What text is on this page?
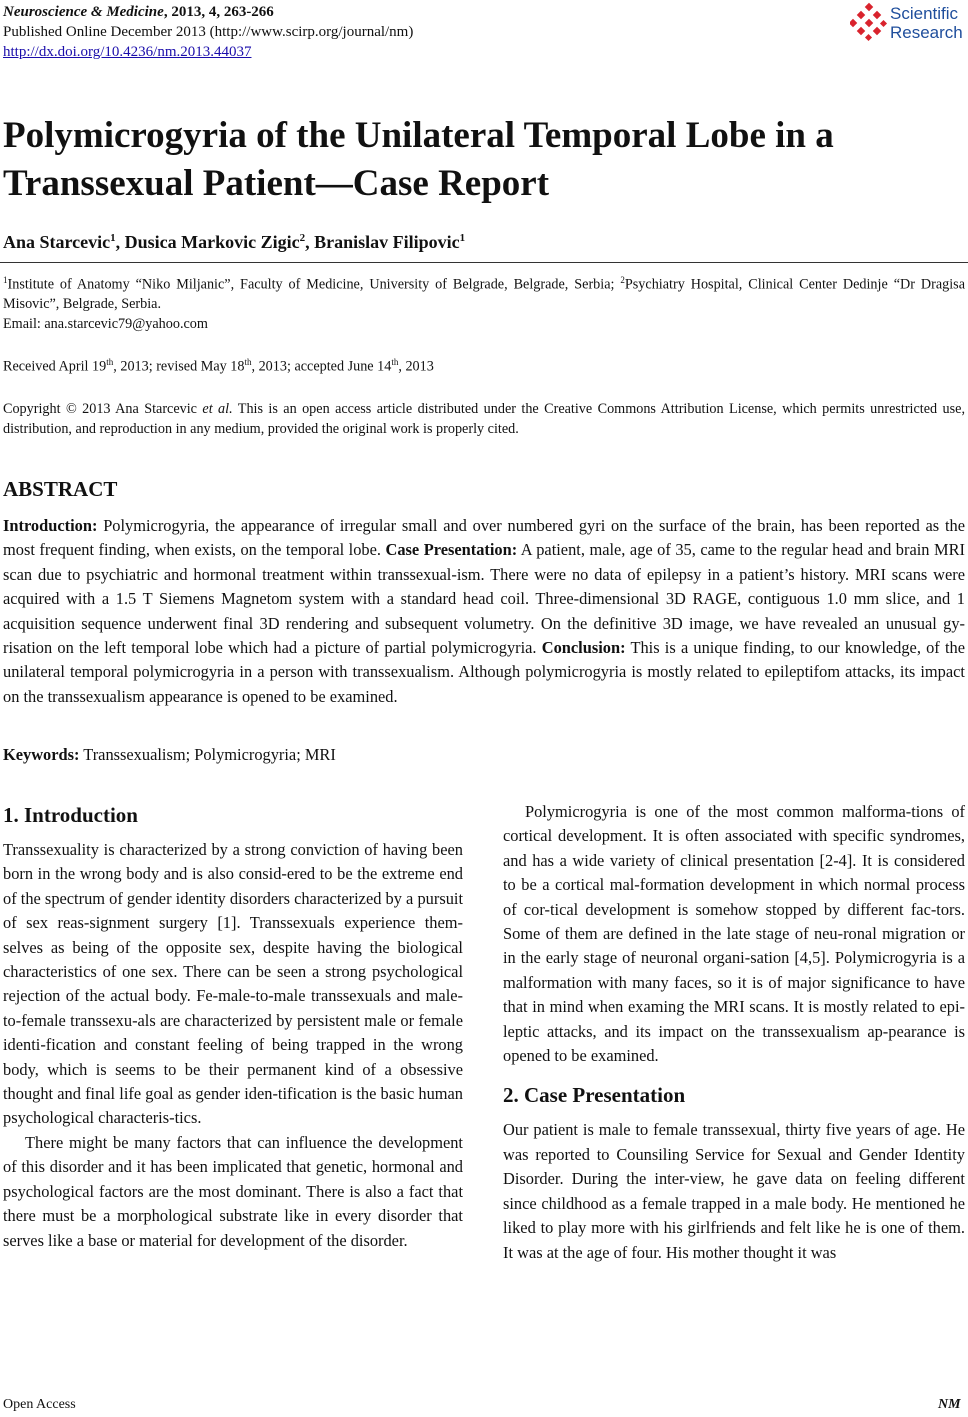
Neuroscience & Medicine, 2013, 4, 263-266
Published Online December 2013 (http://www.scirp.org/journal/nm)
http://dx.doi.org/10.4236/nm.2013.44037
Scientific
Research
Polymicrogyria of the Unilateral Temporal Lobe in a Transsexual Patient—Case Report
Ana Starcevic$^1$, Dusica Markovic Zigic$^2$, Branislav Filipovic$^1$
$^1$Institute of Anatomy “Niko Miljanic”, Faculty of Medicine, University of Belgrade, Belgrade, Serbia; $^2$Psychiatry Hospital, Clinical Center Dedinje “Dr Dragisa Misovic”, Belgrade, Serbia.
Email: ana.starcevic79@yahoo.com
Received April 19th, 2013; revised May 18th, 2013; accepted June 14th, 2013
Copyright © 2013 Ana Starcevic et al. This is an open access article distributed under the Creative Commons Attribution License, which permits unrestricted use, distribution, and reproduction in any medium, provided the original work is properly cited.
ABSTRACT

Introduction: Polymicrogyria, the appearance of irregular small and over numbered gyri on the surface of the brain, has been reported as the most frequent finding, when exists, on the temporal lobe. Case Presentation: A patient, male, age of 35, came to the regular head and brain MRI scan due to psychiatric and hormonal treatment within transsexual-ism. There were no data of epilepsy in a patient’s history. MRI scans were acquired with a 1.5 T Siemens Magnetom system with a standard head coil. Three-dimensional 3D RAGE, contiguous 1.0 mm slice, and 1 acquisition sequence underwent final 3D rendering and subsequent volumetry. On the definitive 3D image, we have revealed an unusual gy-risation on the left temporal lobe which had a picture of partial polymicrogyria. Conclusion: This is a unique finding, to our knowledge, of the unilateral temporal polymicrogyria in a person with transsexualism. Although polymicrogyria is mostly related to epileptifom attacks, its impact on the transsexualism appearance is opened to be examined.

Keywords: Transsexualism; Polymicrogyria; MRI
1. Introduction

Transsexuality is characterized by a strong conviction of having been born in the wrong body and is also consid-ered to be the extreme end of the spectrum of gender identity disorders characterized by a pursuit of sex reas-signment surgery [1]. Transsexuals experience them-selves as being of the opposite sex, despite having the biological characteristics of one sex. There can be seen a strong psychological rejection of the actual body. Fe-male-to-male transsexuals and male-to-female transsexu-als are characterized by persistent male or female identi-fication and constant feeling of being trapped in the wrong body, which is seems to be their permanent kind of a obsessive thought and final life goal as gender iden-tification is the basic human psychological characteris-tics.

There might be many factors that can influence the development of this disorder and it has been implicated that genetic, hormonal and psychological factors are the most dominant. There is also a fact that there must be a morphological substrate like in every disorder that serves like a base or material for development of the disorder.

Polymicrogyria is one of the most common malforma-tions of cortical development. It is often associated with specific syndromes, and has a wide variety of clinical presentation [2-4]. It is considered to be a cortical mal-formation development in which normal process of cor-tical development is somehow stopped by different fac-tors. Some of them are defined in the late stage of neu-ronal migration or in the early stage of neuronal organi-sation [4,5]. Polymicrogyria is a malformation with many faces, so it is of major significance to have that in mind when examing the MRI scans. It is mostly related to epi-leptic attacks, and its impact on the transsexualism ap-pearance is opened to be examined.

2. Case Presentation

Our patient is male to female transsexual, thirty five years of age. He was reported to Counsiling Service for Sexual and Gender Identity Disorder. During the inter-view, he gave data on feeling different since childhood as a female trapped in a male body. He mentioned he liked to play more with his girlfriends and felt like he is one of them. It was at the age of four. His mother thought it was

Open Access	NM
